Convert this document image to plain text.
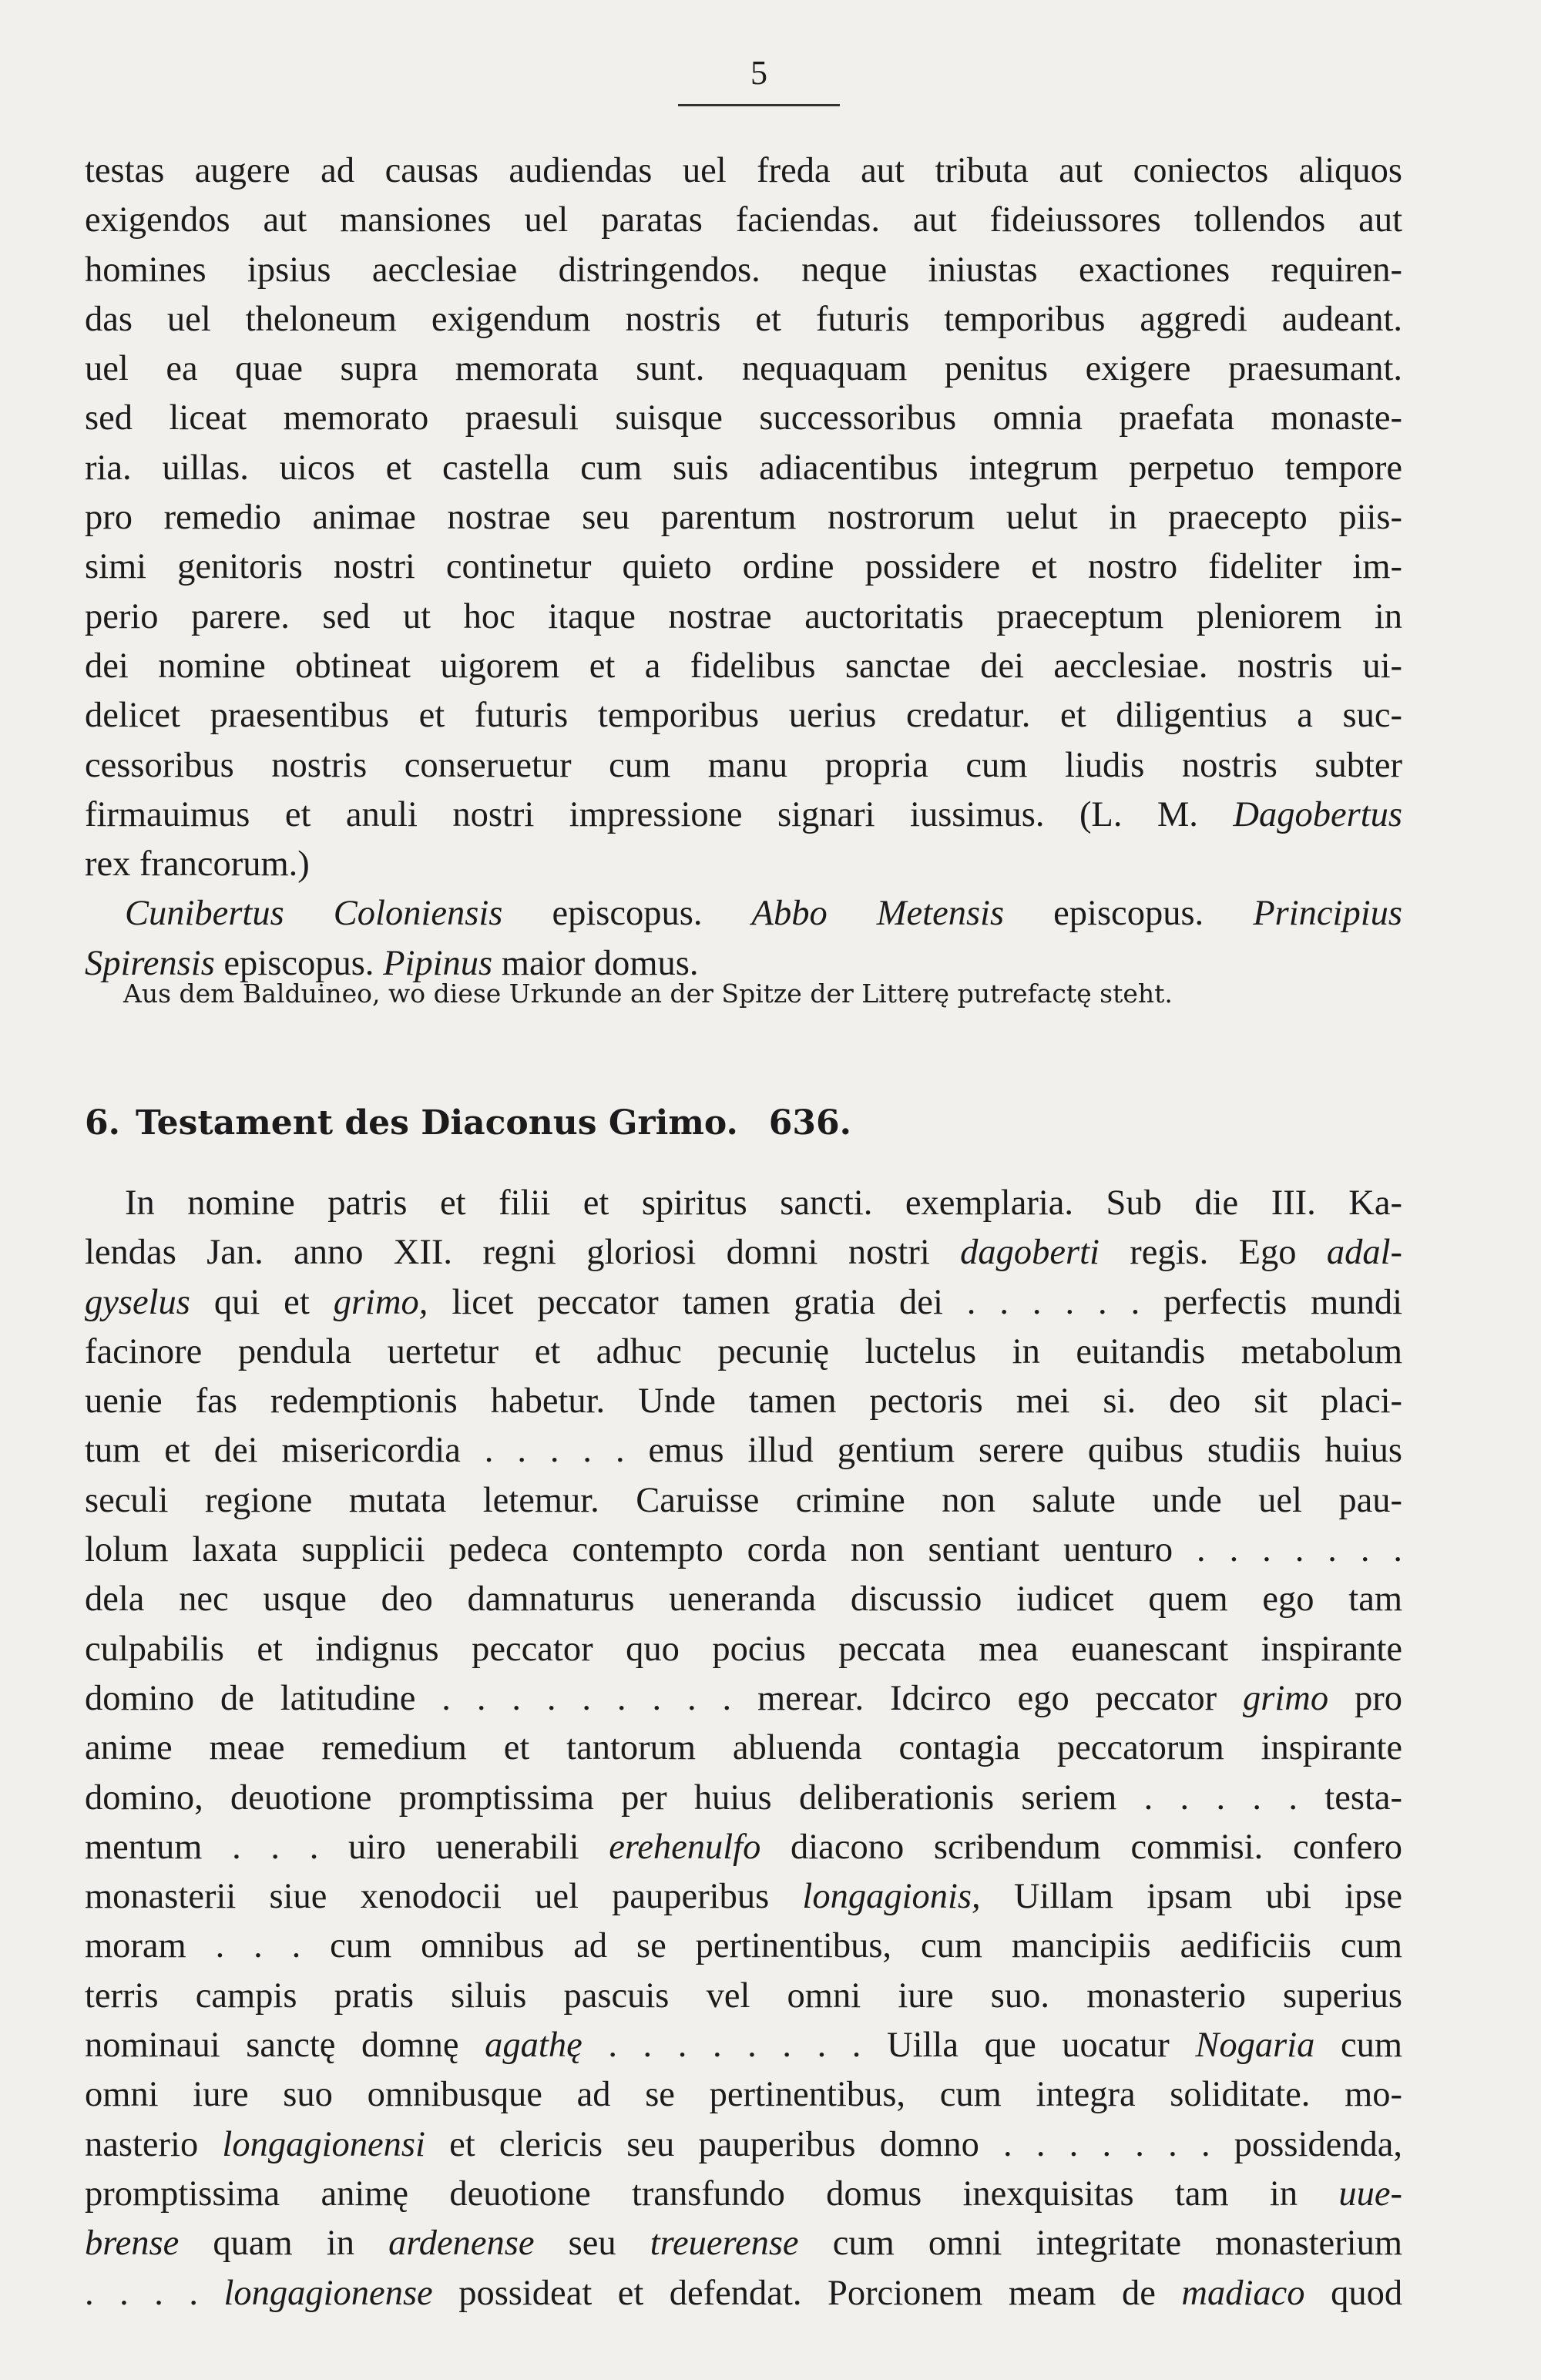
5
testas augere ad causas audiendas uel freda aut tributa aut coniectos aliquos
exigendos aut mansiones uel paratas faciendas. aut fideiussores tollendos aut
homines ipsius aecclesiae distringendos. neque iniustas exactiones requiren-
das uel theloneum exigendum nostris et futuris temporibus aggredi audeant.
uel ea quae supra memorata sunt. nequaquam penitus exigere praesumant.
sed liceat memorato praesuli suisque successoribus omnia praefata monaste-
ria. uillas. uicos et castella cum suis adiacentibus integrum perpetuo tempore
pro remedio animae nostrae seu parentum nostrorum uelut in praecepto piis-
simi genitoris nostri continetur quieto ordine possidere et nostro fideliter im-
perio parere. sed ut hoc itaque nostrae auctoritatis praeceptum pleniorem in
dei nomine obtineat uigorem et a fidelibus sanctae dei aecclesiae. nostris ui-
delicet praesentibus et futuris temporibus uerius credatur. et diligentius a suc-
cessoribus nostris conseruetur cum manu propria cum liudis nostris subter
firmauimus et anuli nostri impressione signari iussimus. (L. M. Dagobertus
rex francorum.)
Cunibertus Coloniensis episcopus. Abbo Metensis episcopus. Principius
Spirensis episcopus. Pipinus maior domus.
Aus dem Balduineo, wo diese Urkunde an der Spitze der Litterę putrefactę steht.
6. Testament des Diaconus Grimo. 636.
In nomine patris et filii et spiritus sancti. exemplaria. Sub die III. Ka-
lendas Jan. anno XII. regni gloriosi domni nostri dagoberti regis. Ego adal-
gyselus qui et grimo, licet peccator tamen gratia dei . . . . . . perfectis mundi
facinore pendula uertetur et adhuc pecunię luctelus in euitandis metabolum
uenie fas redemptionis habetur. Unde tamen pectoris mei si. deo sit placi-
tum et dei misericordia . . . . . emus illud gentium serere quibus studiis huius
seculi regione mutata letemur. Caruisse crimine non salute unde uel pau-
lolum laxata supplicii pedeca contempto corda non sentiant uenturo . . . . . . .
dela nec usque deo damnaturus ueneranda discussio iudicet quem ego tam
culpabilis et indignus peccator quo pocius peccata mea euanescant inspirante
domino de latitudine . . . . . . . . . merear. Idcirco ego peccator grimo pro
anime meae remedium et tantorum abluenda contagia peccatorum inspirante
domino, deuotione promptissima per huius deliberationis seriem . . . . . testa-
mentum . . . uiro uenerabili erehenulfo diacono scribendum commisi. confero
monasterii siue xenodocii uel pauperibus longagionis, Uillam ipsam ubi ipse
moram . . . cum omnibus ad se pertinentibus, cum mancipiis aedificiis cum
terris campis pratis siluis pascuis vel omni iure suo. monasterio superius
nominaui sanctę domnę agathę . . . . . . . . Uilla que uocatur Nogaria cum
omni iure suo omnibusque ad se pertinentibus, cum integra soliditate. mo-
nasterio longagionensi et clericis seu pauperibus domno . . . . . . . possidenda,
promptissima animę deuotione transfundo domus inexquisitas tam in uue-
brense quam in ardenense seu treuerense cum omni integritate monasterium
. . . . longagionense possideat et defendat. Porcionem meam de madiaco quod
